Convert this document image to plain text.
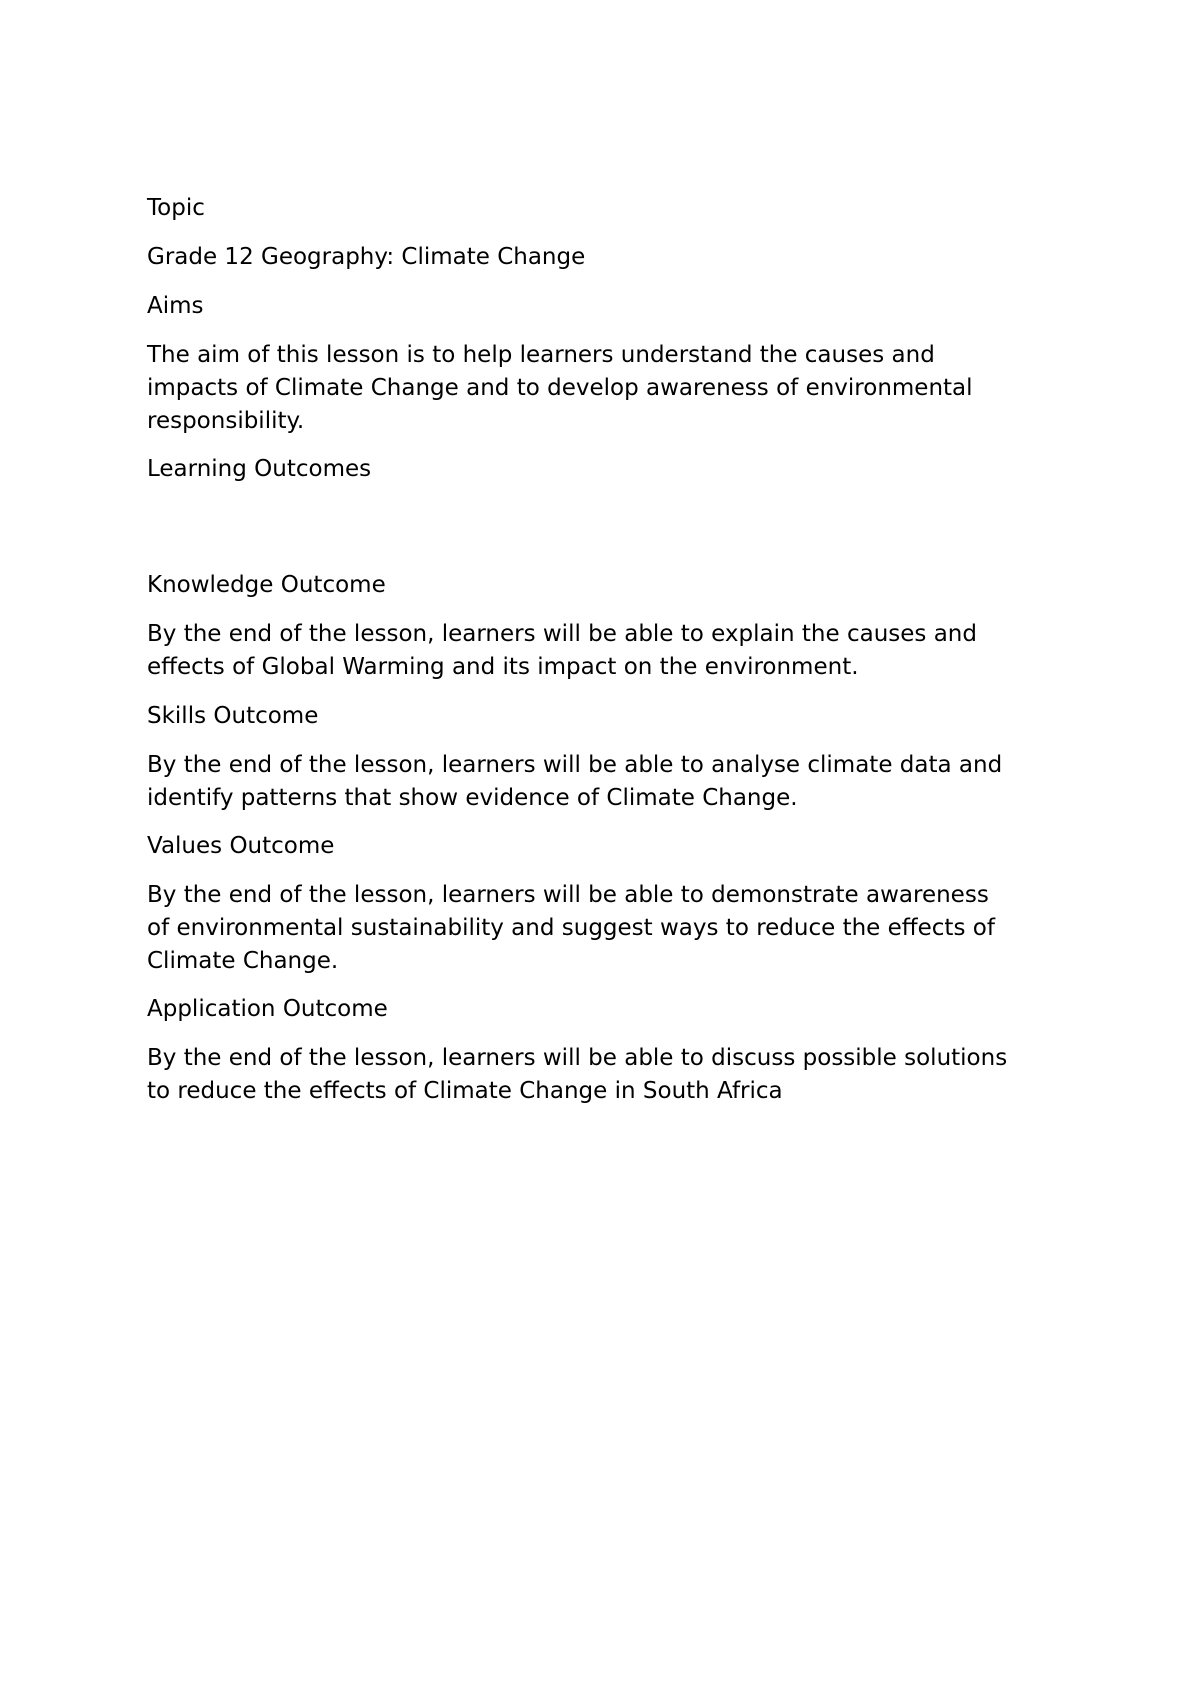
Topic

Grade 12 Geography: Climate Change

Aims

The aim of this lesson is to help learners understand the causes and

impacts of Climate Change and to develop awareness of environmental

responsibility.

Learning Outcomes

Knowledge Outcome

By the end of the lesson, learners will be able to explain the causes and

effects of Global Warming and its impact on the environment.

Skills Outcome

By the end of the lesson, learners will be able to analyse climate data and

identify patterns that show evidence of Climate Change.

Values Outcome

By the end of the lesson, learners will be able to demonstrate awareness

of environmental sustainability and suggest ways to reduce the effects of

Climate Change.

Application Outcome

By the end of the lesson, learners will be able to discuss possible solutions

to reduce the effects of Climate Change in South Africa
